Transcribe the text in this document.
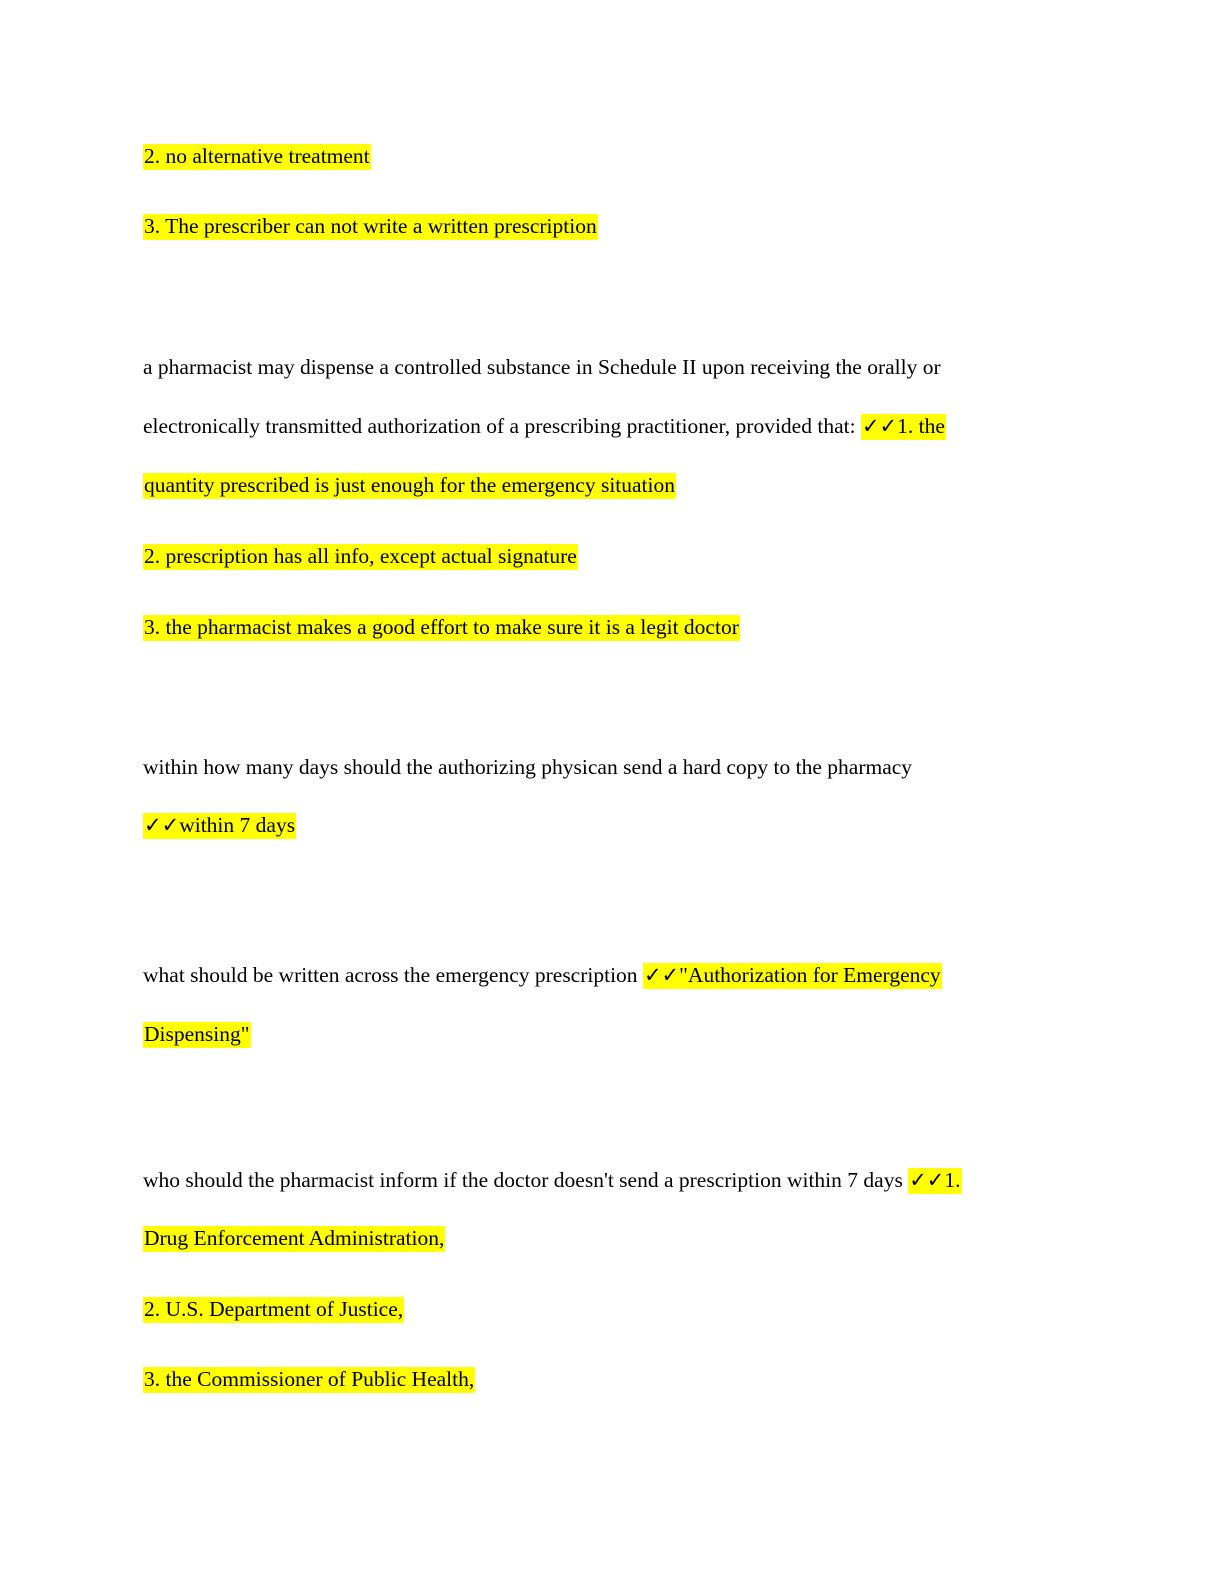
2. no alternative treatment
3. The prescriber can not write a written prescription
a pharmacist may dispense a controlled substance in Schedule II upon receiving the orally or
electronically transmitted authorization of a prescribing practitioner, provided that: ✓✓1. the
quantity prescribed is just enough for the emergency situation
2. prescription has all info, except actual signature
3. the pharmacist makes a good effort to make sure it is a legit doctor
within how many days should the authorizing physican send a hard copy to the pharmacy
✓✓within 7 days
what should be written across the emergency prescription ✓✓"Authorization for Emergency
Dispensing"
who should the pharmacist inform if the doctor doesn't send a prescription within 7 days ✓✓1.
Drug Enforcement Administration,
2. U.S. Department of Justice,
3. the Commissioner of Public Health,
